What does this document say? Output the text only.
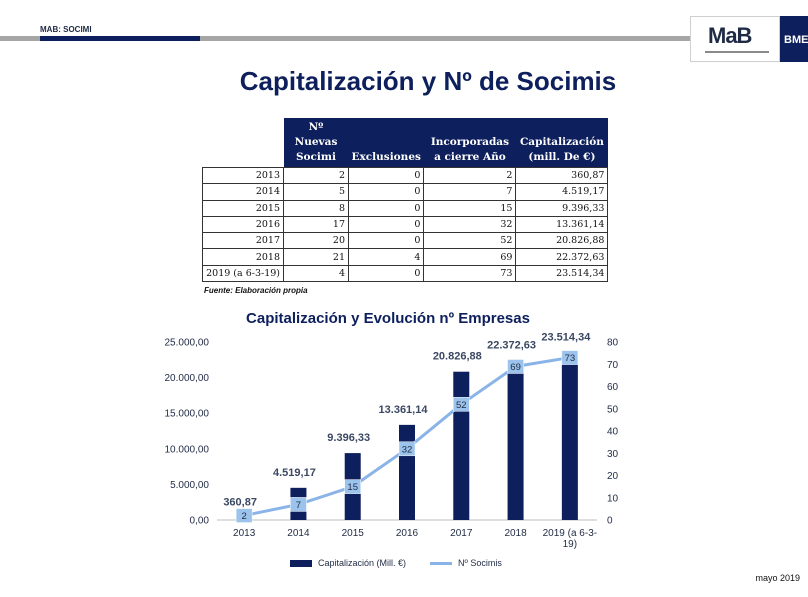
MAB: SOCIMI	MaB	BME
Capitalización y Nº de Socimis
	Nº Nuevas Socimi	Exclusiones	Incorporadas a cierre Año	Capitalización (mill. De €)
2013	2	0	2	360,87
2014	5	0	7	4.519,17
2015	8	0	15	9.396,33
2016	17	0	32	13.361,14
2017	20	0	52	20.826,88
2018	21	4	69	22.372,63
2019 (a 6-3-19)	4	0	73	23.514,34
Fuente: Elaboración propia
Capitalización y Evolución nº Empresas
0,00
5.000,00
10.000,00
15.000,00
20.000,00
25.000,00
0
10
20
30
40
50
60
70
80
2013	2014	2015	2016	2017	2018 2019 (a 6-3-
19)
2
7
15
32
52
69
73
360,87
4.519,17
9.396,33
13.361,14
20.826,88
22.372,63
23.514,34
Capitalización (Mill. €)	Nº Socimis
mayo 2019
